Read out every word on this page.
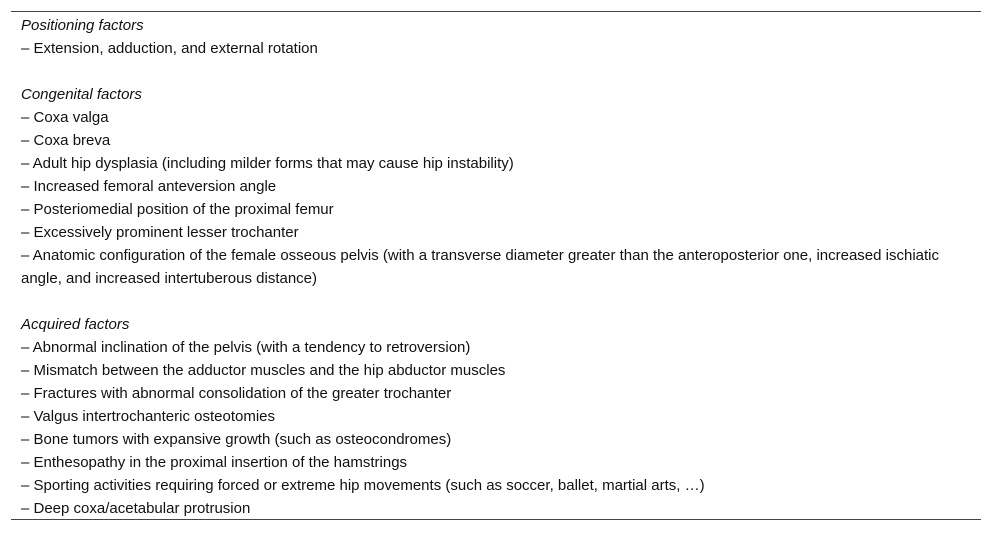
Positioning factors
– Extension, adduction, and external rotation
Congenital factors
– Coxa valga
– Coxa breva
– Adult hip dysplasia (including milder forms that may cause hip instability)
– Increased femoral anteversion angle
– Posteriomedial position of the proximal femur
– Excessively prominent lesser trochanter
– Anatomic configuration of the female osseous pelvis (with a transverse diameter greater than the anteroposterior one, increased ischiatic angle, and increased intertuberous distance)
Acquired factors
– Abnormal inclination of the pelvis (with a tendency to retroversion)
– Mismatch between the adductor muscles and the hip abductor muscles
– Fractures with abnormal consolidation of the greater trochanter
– Valgus intertrochanteric osteotomies
– Bone tumors with expansive growth (such as osteocondromes)
– Enthesopathy in the proximal insertion of the hamstrings
– Sporting activities requiring forced or extreme hip movements (such as soccer, ballet, martial arts, …)
– Deep coxa/acetabular protrusion
